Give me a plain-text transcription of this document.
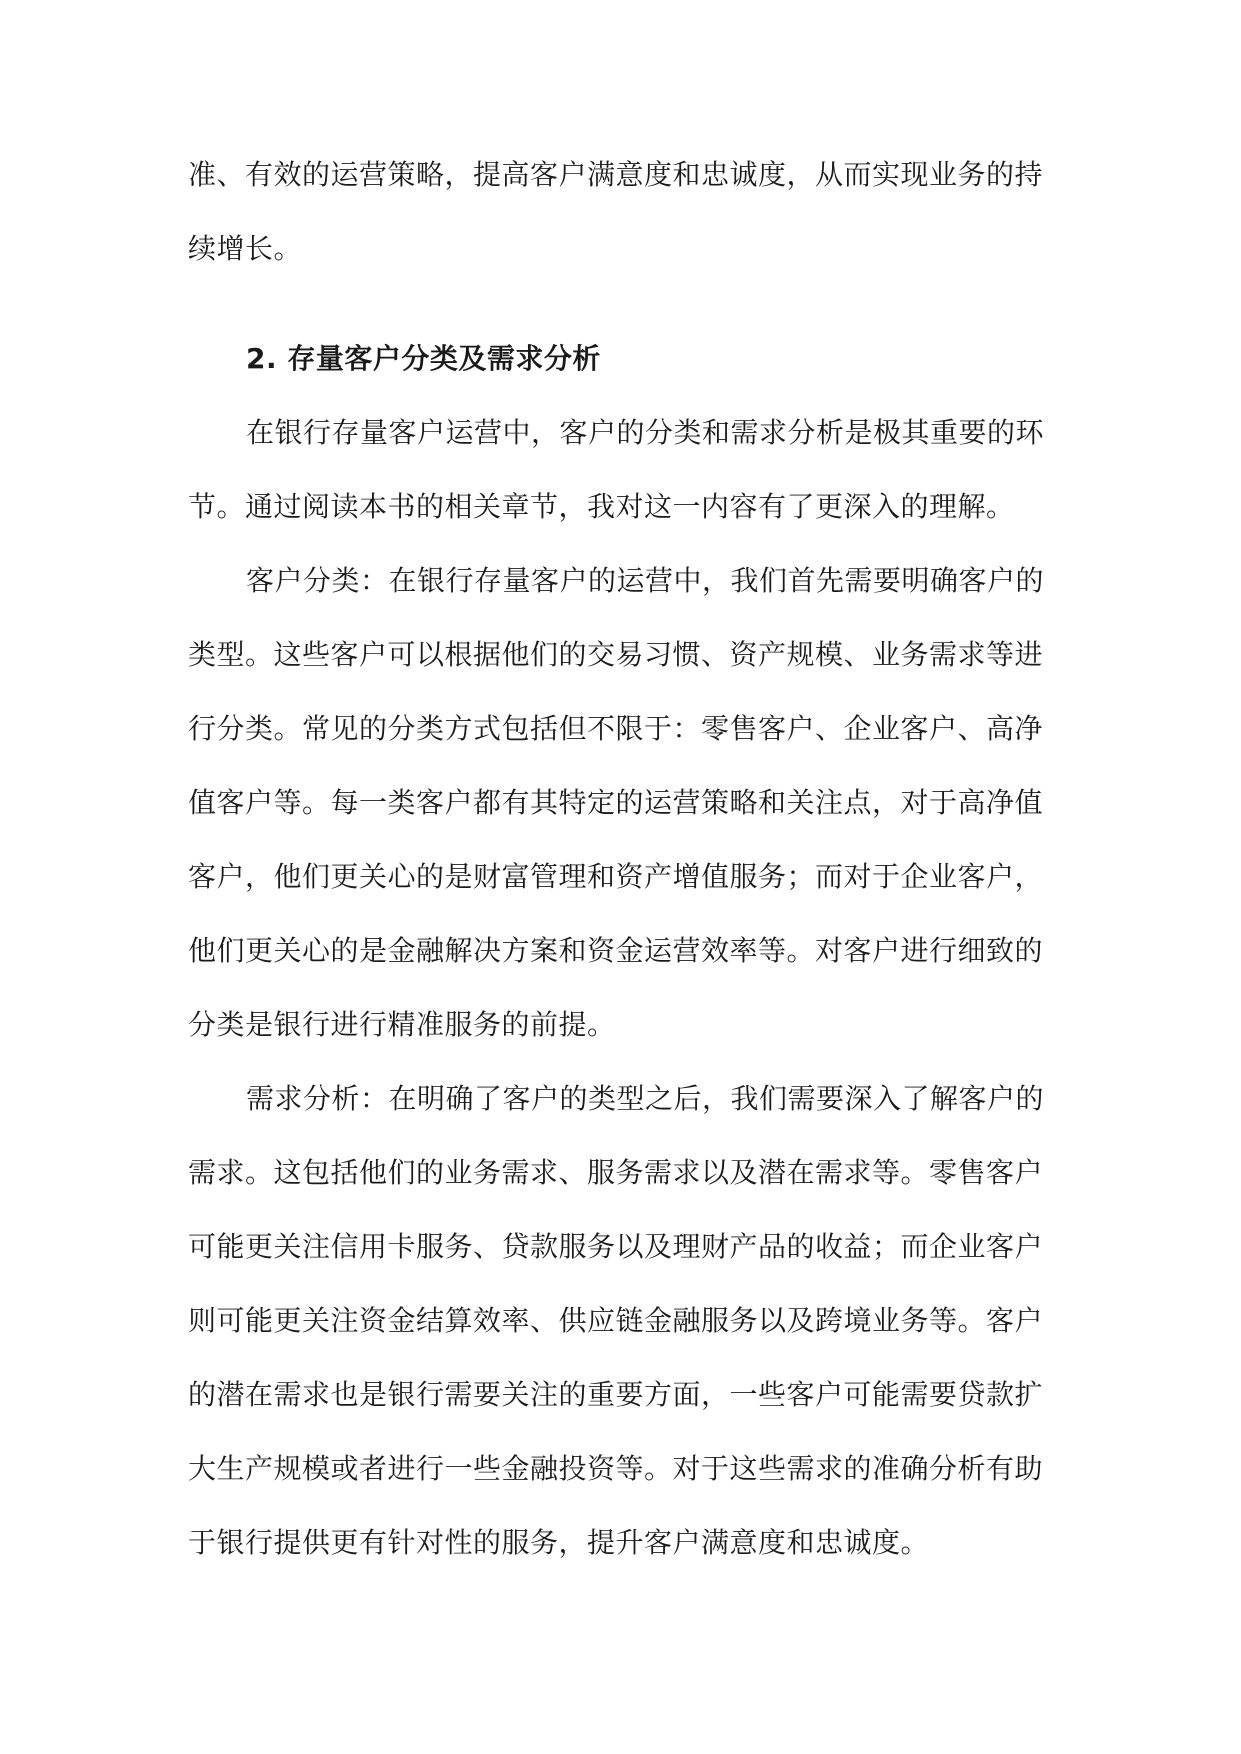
准、有效的运营策略，提高客户满意度和忠诚度，从而实现业务的持
续增长。

2. 存量客户分类及需求分析

在银行存量客户运营中，客户的分类和需求分析是极其重要的环
节。通过阅读本书的相关章节，我对这一内容有了更深入的理解。

客户分类：在银行存量客户的运营中，我们首先需要明确客户的
类型。这些客户可以根据他们的交易习惯、资产规模、业务需求等进
行分类。常见的分类方式包括但不限于：零售客户、企业客户、高净
值客户等。每一类客户都有其特定的运营策略和关注点，对于高净值
客户，他们更关心的是财富管理和资产增值服务；而对于企业客户，
他们更关心的是金融解决方案和资金运营效率等。对客户进行细致的
分类是银行进行精准服务的前提。

需求分析：在明确了客户的类型之后，我们需要深入了解客户的
需求。这包括他们的业务需求、服务需求以及潜在需求等。零售客户
可能更关注信用卡服务、贷款服务以及理财产品的收益；而企业客户
则可能更关注资金结算效率、供应链金融服务以及跨境业务等。客户
的潜在需求也是银行需要关注的重要方面，一些客户可能需要贷款扩
大生产规模或者进行一些金融投资等。对于这些需求的准确分析有助
于银行提供更有针对性的服务，提升客户满意度和忠诚度。
